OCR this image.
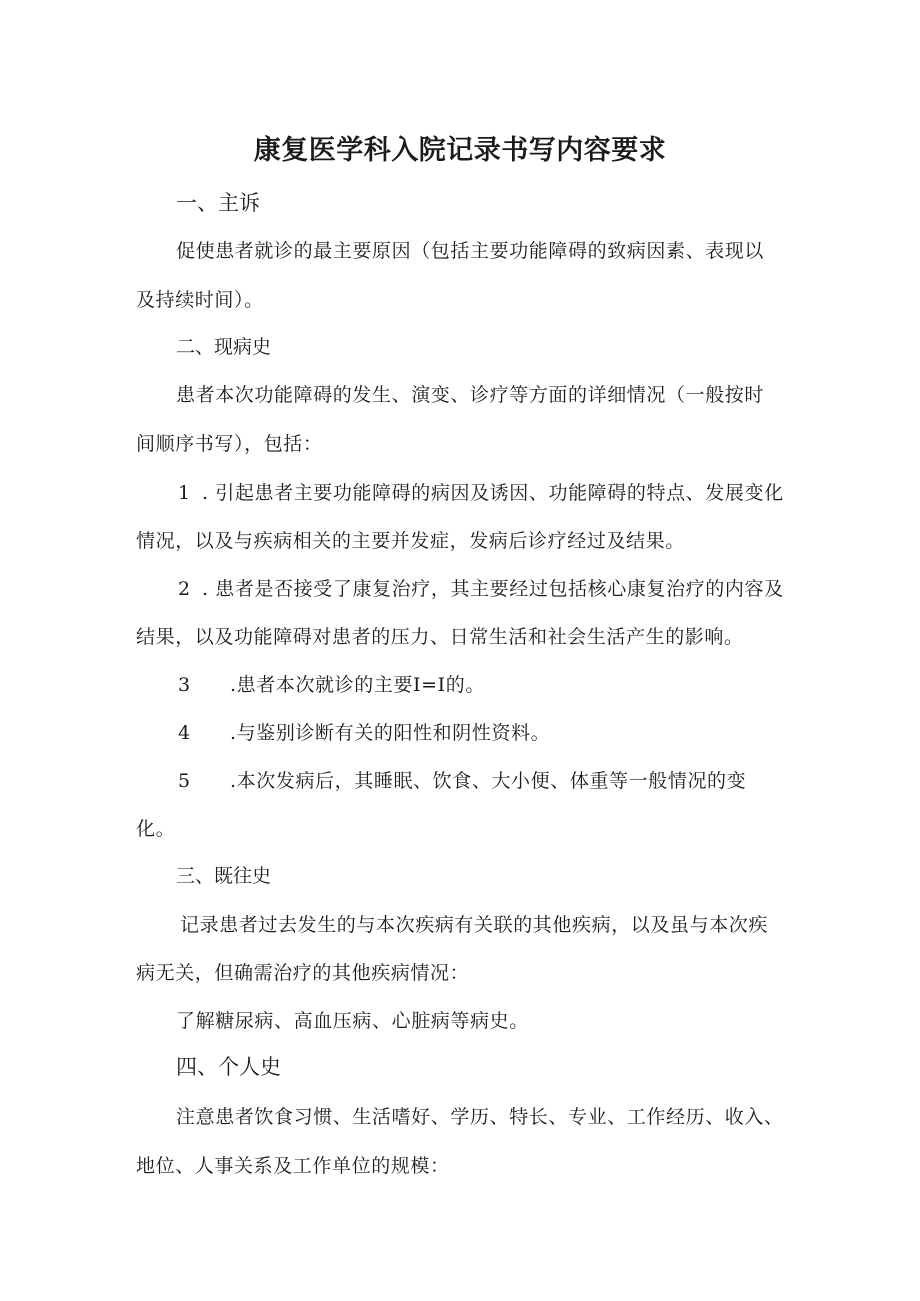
康复医学科入院记录书写内容要求
一、主诉
促使患者就诊的最主要原因（包括主要功能障碍的致病因素、表现以
及持续时间）。
二、现病史
患者本次功能障碍的发生、演变、诊疗等方面的详细情况（一般按时
间顺序书写），包括：
1 . 引起患者主要功能障碍的病因及诱因、功能障碍的特点、发展变化
情况，以及与疾病相关的主要并发症，发病后诊疗经过及结果。
2 . 患者是否接受了康复治疗，其主要经过包括核心康复治疗的内容及
结果，以及功能障碍对患者的压力、日常生活和社会生活产生的影响。
3 .患者本次就诊的主要I=I的。
4 .与鉴别诊断有关的阳性和阴性资料。
5 .本次发病后，其睡眠、饮食、大小便、体重等一般情况的变
化。
三、既往史
记录患者过去发生的与本次疾病有关联的其他疾病，以及虽与本次疾
病无关，但确需治疗的其他疾病情况：
了解糖尿病、高血压病、心脏病等病史。
四、个人史
注意患者饮食习惯、生活嗜好、学历、特长、专业、工作经历、收入、
地位、人事关系及工作单位的规模：
